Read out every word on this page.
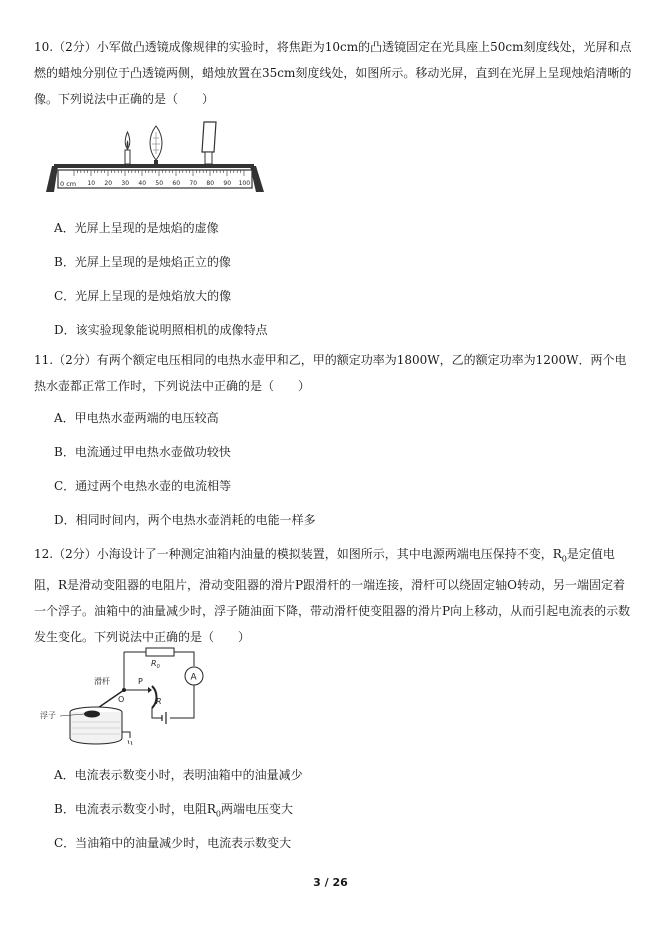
10.（2分）小军做凸透镜成像规律的实验时，将焦距为10cm的凸透镜固定在光具座上50cm刻度线处，光屏和点燃的蜡烛分别位于凸透镜两侧，蜡烛放置在35cm刻度线处，如图所示。移动光屏，直到在光屏上呈现烛焰清晰的像。下列说法中正确的是（　　）
10 20 30 40 50 60 70 80 90 100
0 cm
A．光屏上呈现的是烛焰的虚像
B．光屏上呈现的是烛焰正立的像
C．光屏上呈现的是烛焰放大的像
D．该实验现象能说明照相机的成像特点
11.（2分）有两个额定电压相同的电热水壶甲和乙，甲的额定功率为1800W，乙的额定功率为1200W．两个电热水壶都正常工作时，下列说法中正确的是（　　）
A．甲电热水壶两端的电压较高
B．电流通过甲电热水壶做功较快
C．通过两个电热水壶的电流相等
D．相同时间内，两个电热水壶消耗的电能一样多
12.（2分）小海设计了一种测定油箱内油量的模拟装置，如图所示，其中电源两端电压保持不变，$R_0$是定值电阻，R是滑动变阻器的电阻片，滑动变阻器的滑片P跟滑杆的一端连接，滑杆可以绕固定轴O转动，另一端固定着一个浮子。油箱中的油量减少时，浮子随油面下降，带动滑杆使变阻器的滑片P向上移动，从而引起电流表的示数发生变化。下列说法中正确的是（　　）
$R_0$
A
R
P
滑杆
O
浮子
A．电流表示数变小时，表明油箱中的油量减少
B．电流表示数变小时，电阻$R_0$两端电压变大
C．当油箱中的油量减少时，电流表示数变大
3 / 26
